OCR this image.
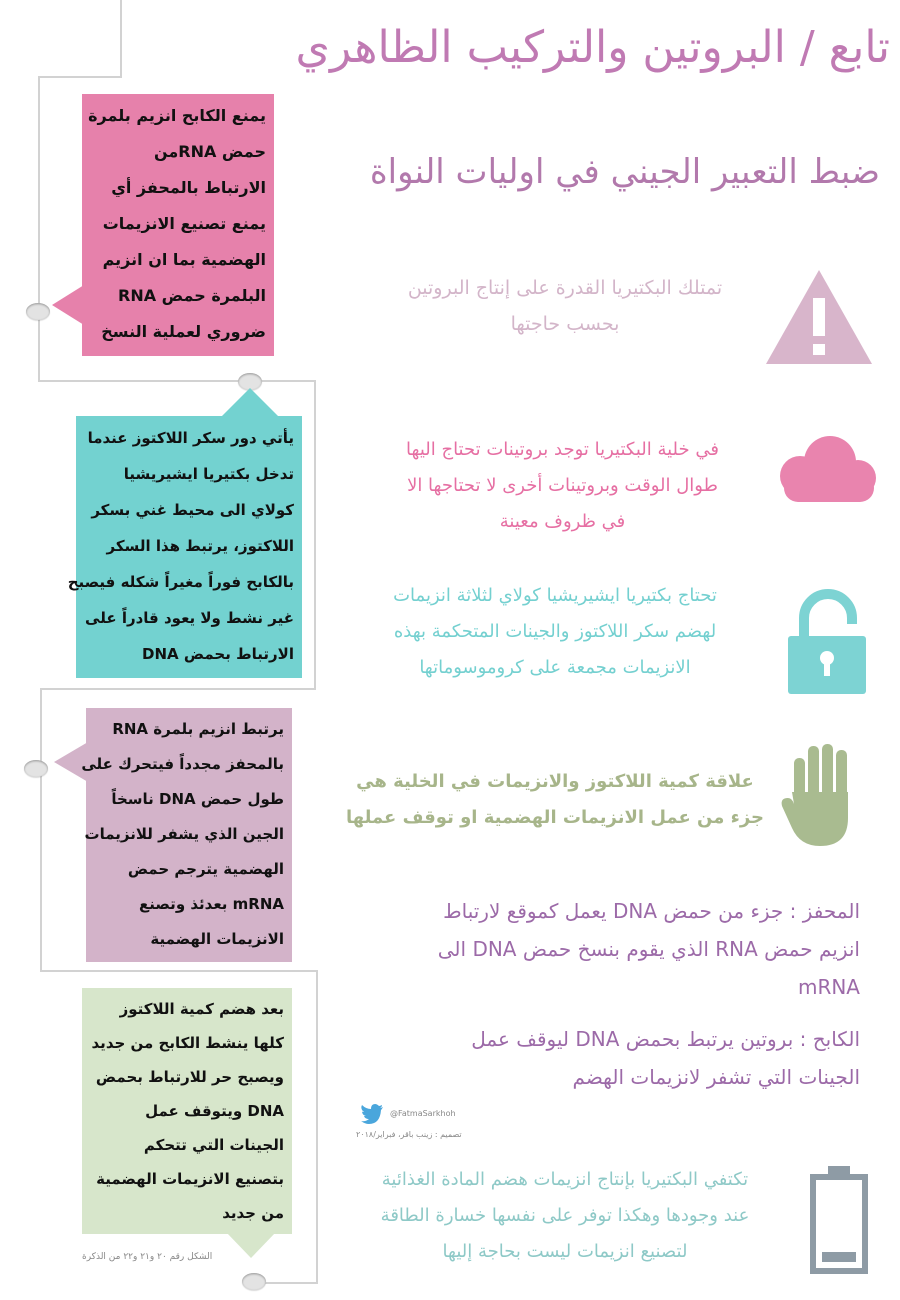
تابع / البروتين والتركيب الظاهري
ضبط التعبير الجيني في اوليات النواة
يمنع الكابح انزيم بلمرة
حمض RNAمن
الارتباط بالمحفز أي
يمنع تصنيع الانزيمات
الهضمية بما ان انزيم
البلمرة حمض RNA
ضروري لعملية النسخ
يأتي دور سكر اللاكتوز عندما
تدخل بكتيريا ايشيريشيا
كولاي الى محيط غني بسكر
اللاكتوز، يرتبط هذا السكر
بالكابح فوراً مغيراً شكله فيصبح
غير نشط ولا يعود قادراً على
الارتباط بحمض DNA
يرتبط انزيم بلمرة RNA
بالمحفز مجدداً فيتحرك على
طول حمض DNA ناسخاً
الجين الذي يشفر للانزيمات
الهضمية يترجم حمض
mRNA بعدئذ وتصنع
الانزيمات الهضمية
بعد هضم كمية اللاكتوز
كلها ينشط الكابح من جديد
ويصبح حر للارتباط بحمض
DNA ويتوقف عمل
الجينات التي تتحكم
بتصنيع الانزيمات الهضمية
من جديد
الشكل رقم ٢٠ و٢١ و٢٢ من الذكرة
تمتلك البكتيريا القدرة على إنتاج البروتين
بحسب حاجتها
في خلية البكتيريا توجد بروتينات تحتاج اليها
طوال الوقت وبروتينات أخرى لا تحتاجها الا
في ظروف معينة
تحتاج بكتيريا ايشيريشيا كولاي لثلاثة انزيمات
لهضم سكر اللاكتوز والجينات المتحكمة بهذه
الانزيمات مجمعة على كروموسوماتها
علاقة كمية اللاكتوز والانزيمات في الخلية هي
جزء من عمل الانزيمات الهضمية او توقف عملها
المحفز : جزء من حمض DNA يعمل كموقع لارتباط
انزيم حمض RNA الذي يقوم بنسخ حمض DNA الى
mRNA
الكابح : بروتين يرتبط بحمض DNA ليوقف عمل
الجينات التي تشفر لانزيمات الهضم
@FatmaSarkhoh
تصميم : زينب باقر، فبراير/٢٠١٨
تكتفي البكتيريا بإنتاج انزيمات هضم المادة الغذائية
عند وجودها وهكذا توفر على نفسها خسارة الطاقة
لتصنيع انزيمات ليست بحاجة إليها
